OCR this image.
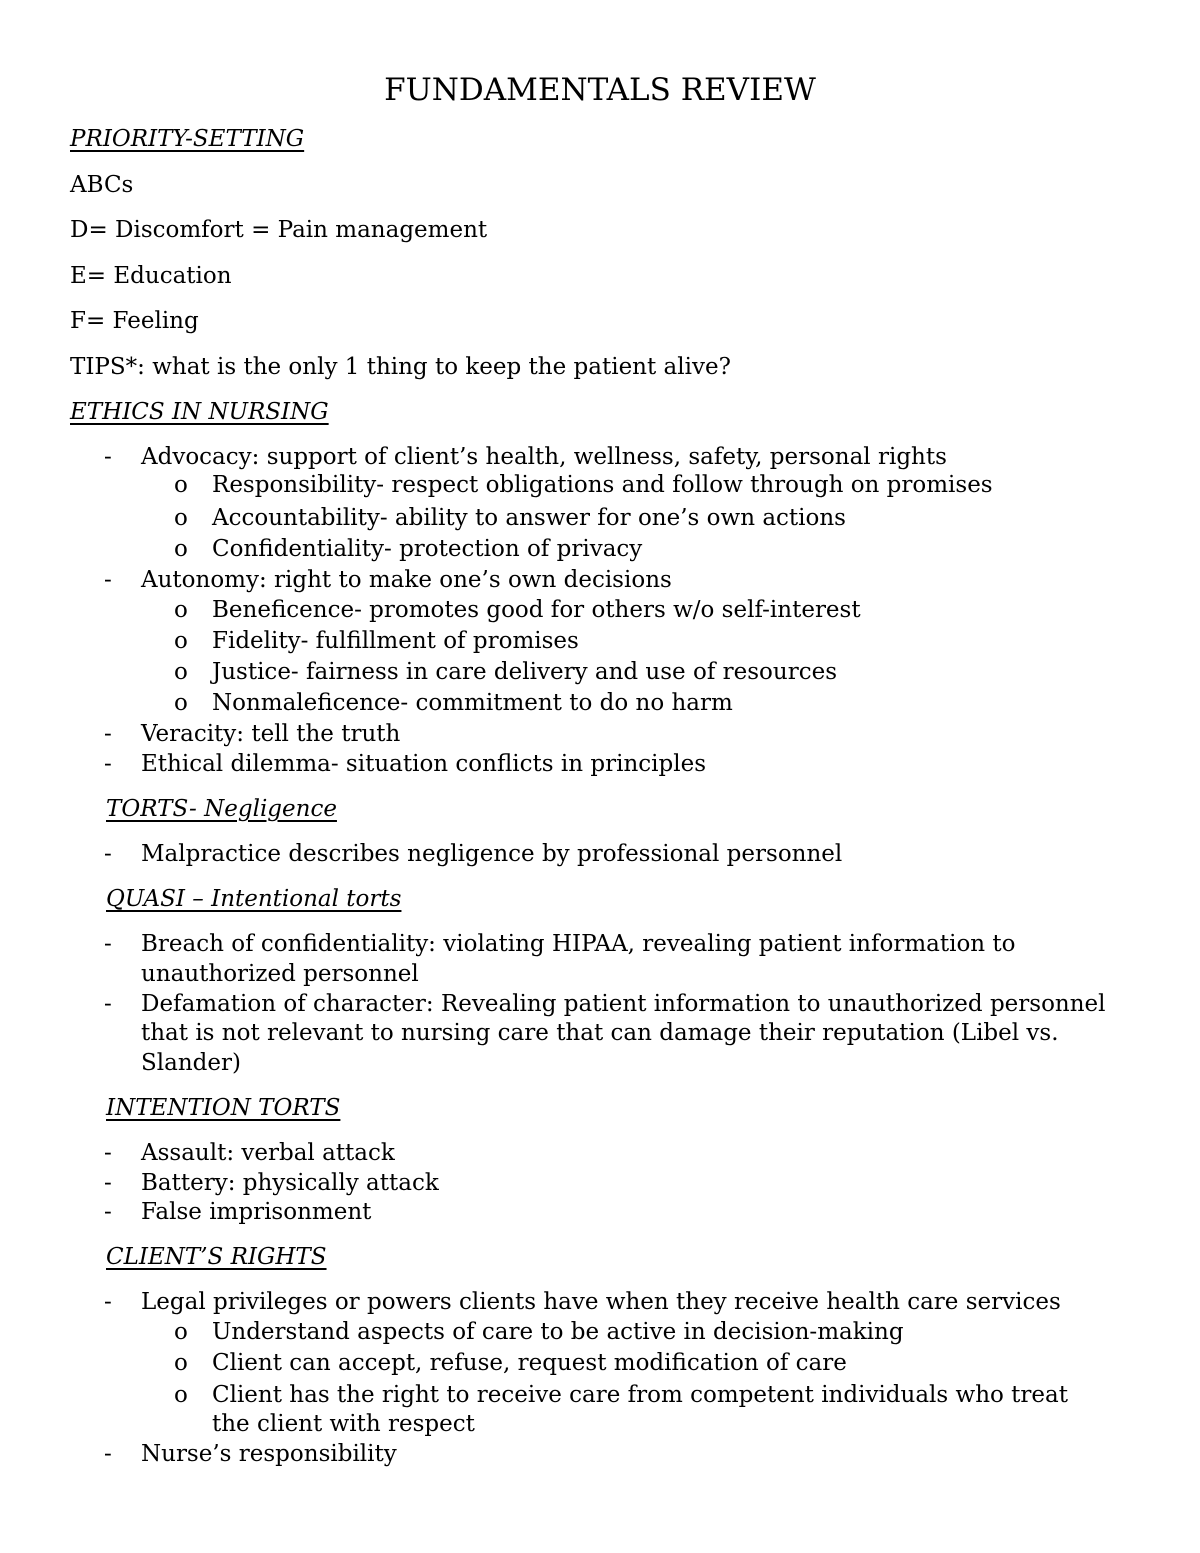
FUNDAMENTALS REVIEW
PRIORITY-SETTING
ABCs
D= Discomfort = Pain management
E= Education
F= Feeling
TIPS*: what is the only 1 thing to keep the patient alive?
ETHICS IN NURSING
- Advocacy: support of client’s health, wellness, safety, personal rights
o Responsibility- respect obligations and follow through on promises
o Accountability- ability to answer for one’s own actions
o Confidentiality- protection of privacy
- Autonomy: right to make one’s own decisions
o Beneficence- promotes good for others w/o self-interest
o Fidelity- fulfillment of promises
o Justice- fairness in care delivery and use of resources
o Nonmaleficence- commitment to do no harm
- Veracity: tell the truth
- Ethical dilemma- situation conflicts in principles
TORTS- Negligence
- Malpractice describes negligence by professional personnel
QUASI – Intentional torts
- Breach of confidentiality: violating HIPAA, revealing patient information to
unauthorized personnel
- Defamation of character: Revealing patient information to unauthorized personnel
that is not relevant to nursing care that can damage their reputation (Libel vs.
Slander)
INTENTION TORTS
- Assault: verbal attack
- Battery: physically attack
- False imprisonment
CLIENT’S RIGHTS
- Legal privileges or powers clients have when they receive health care services
o Understand aspects of care to be active in decision-making
o Client can accept, refuse, request modification of care
o Client has the right to receive care from competent individuals who treat
the client with respect
- Nurse’s responsibility
